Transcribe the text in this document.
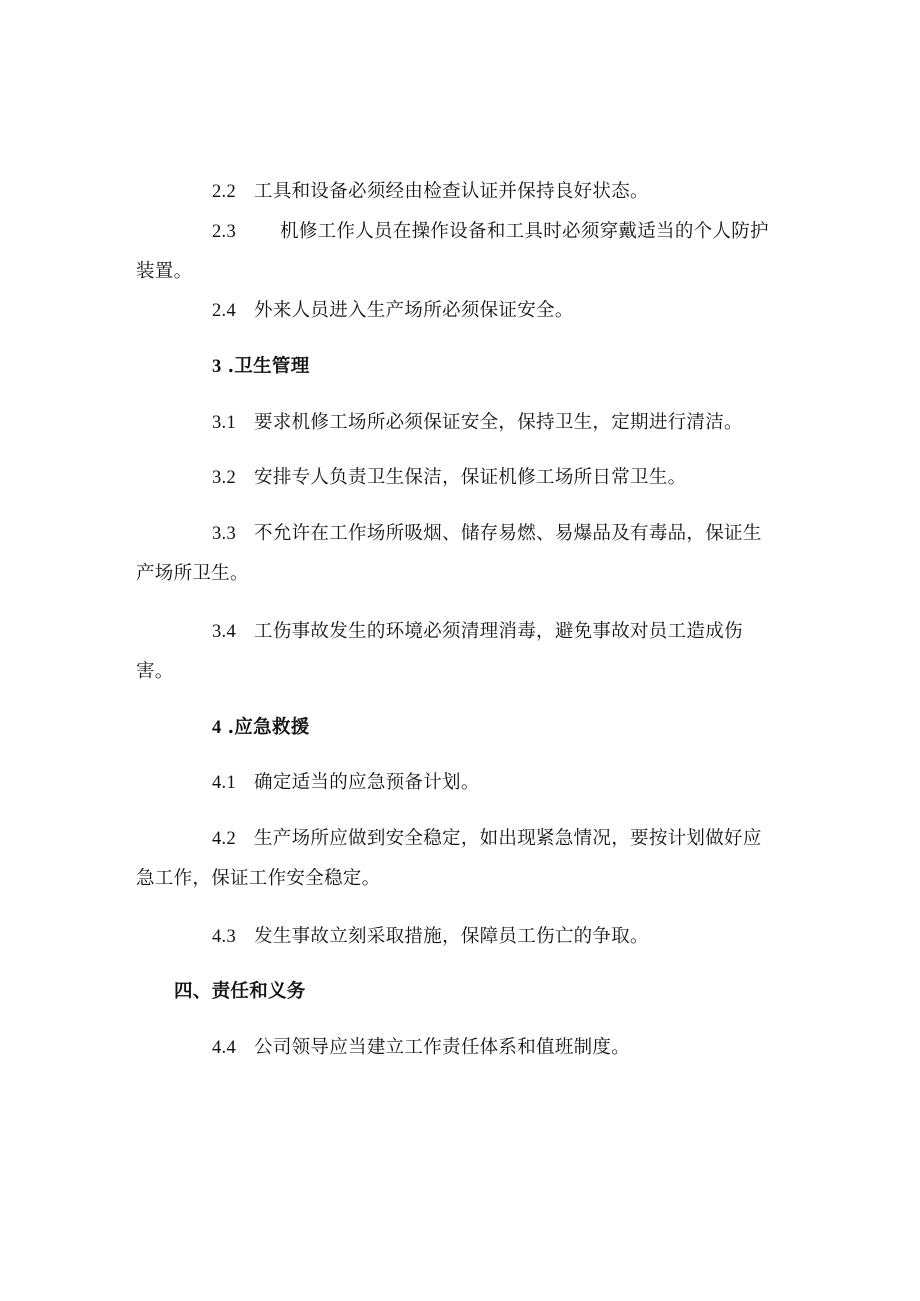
2.2 工具和设备必须经由检查认证并保持良好状态。

2.3 机修工作人员在操作设备和工具时必须穿戴适当的个人防护装置。

2.4 外来人员进入生产场所必须保证安全。

3 .卫生管理

3.1 要求机修工场所必须保证安全，保持卫生，定期进行清洁。

3.2 安排专人负责卫生保洁，保证机修工场所日常卫生。

3.3 不允许在工作场所吸烟、储存易燃、易爆品及有毒品，保证生产场所卫生。

3.4 工伤事故发生的环境必须清理消毒，避免事故对员工造成伤害。

4 .应急救援

4.1 确定适当的应急预备计划。

4.2 生产场所应做到安全稳定，如出现紧急情况，要按计划做好应急工作，保证工作安全稳定。

4.3 发生事故立刻采取措施，保障员工伤亡的争取。

四、责任和义务

4.4 公司领导应当建立工作责任体系和值班制度。
